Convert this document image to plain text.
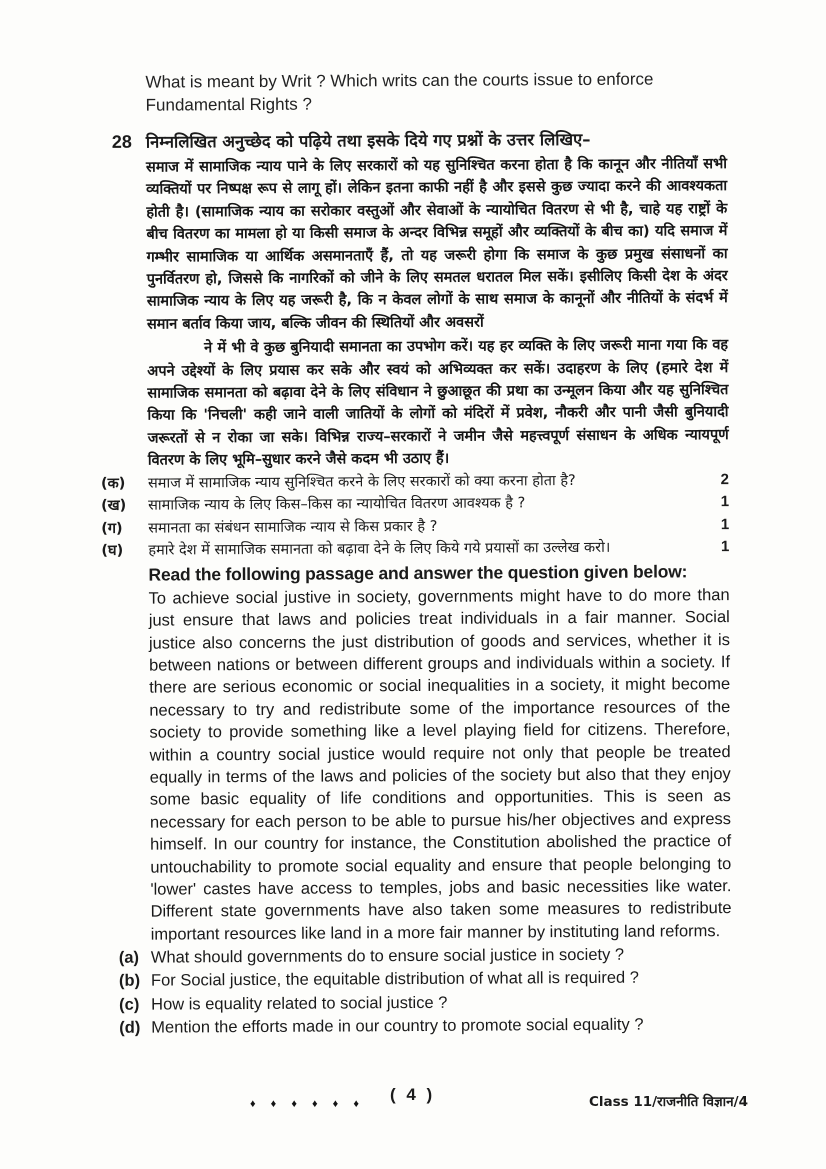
What is meant by Writ ? Which writs can the courts issue to enforce Fundamental Rights ?
28 निम्नलिखित अनुच्छेद को पढ़िये तथा इसके दिये गए प्रश्नों के उत्तर लिखिए–

समाज में सामाजिक न्याय पाने के लिए सरकारों को यह सुनिश्चित करना होता है कि कानून और नीतियाँ सभी व्यक्तियों पर निष्पक्ष रूप से लागू हों। लेकिन इतना काफी नहीं है और इससे कुछ ज्यादा करने की आवश्यकता होती है। (सामाजिक न्याय का सरोकार वस्तुओं और सेवाओं के न्यायोचित वितरण से भी है, चाहे यह राष्ट्रों के बीच वितरण का मामला हो या किसी समाज के अन्दर विभिन्न समूहों और व्यक्तियों के बीच का) यदि समाज में गम्भीर सामाजिक या आर्थिक असमानताएँ हैं, तो यह जरूरी होगा कि समाज के कुछ प्रमुख संसाधनों का पुनर्वितरण हो, जिससे कि नागरिकों को जीने के लिए समतल धरातल मिल सकें। इसीलिए किसी देश के अंदर सामाजिक न्याय के लिए यह जरूरी है, कि न केवल लोगों के साथ समाज के कानूनों और नीतियों के संदर्भ में समान बर्ताव किया जाय, बल्कि जीवन की स्थितियों और अवसरों

ने में भी वे कुछ बुनियादी समानता का उपभोग करें। यह हर व्यक्ति के लिए जरूरी माना गया कि वह अपने उद्देश्यों के लिए प्रयास कर सके और स्वयं को अभिव्यक्त कर सकें। उदाहरण के लिए (हमारे देश में सामाजिक समानता को बढ़ावा देने के लिए संविधान ने छुआछूत की प्रथा का उन्मूलन किया और यह सुनिश्चित किया कि 'निचली' कही जाने वाली जातियों के लोगों को मंदिरों में प्रवेश, नौकरी और पानी जैसी बुनियादी जरूरतों से न रोका जा सके। विभिन्न राज्य–सरकारों ने जमीन जैसे महत्त्वपूर्ण संसाधन के अधिक न्यायपूर्ण वितरण के लिए भूमि–सुधार करने जैसे कदम भी उठाए हैं।

(क)	समाज में सामाजिक न्याय सुनिश्चित करने के लिए सरकारों को क्या करना होता है?	2
(ख)	सामाजिक न्याय के लिए किस–किस का न्यायोचित वितरण आवश्यक है ?	1
(ग)	समानता का संबंधन सामाजिक न्याय से किस प्रकार है ?	1
(घ)	हमारे देश में सामाजिक समानता को बढ़ावा देने के लिए किये गये प्रयासों का उल्लेख करो।	1
Read the following passage and answer the question given below:

To achieve social justive in society, governments might have to do more than just ensure that laws and policies treat individuals in a fair manner. Social justice also concerns the just distribution of goods and services, whether it is between nations or between different groups and individuals within a society. If there are serious economic or social inequalities in a society, it might become necessary to try and redistribute some of the importance resources of the society to provide something like a level playing field for citizens. Therefore, within a country social justice would require not only that people be treated equally in terms of the laws and policies of the society but also that they enjoy some basic equality of life conditions and opportunities. This is seen as necessary for each person to be able to pursue his/her objectives and express himself. In our country for instance, the Constitution abolished the practice of untouchability to promote social equality and ensure that people belonging to 'lower' castes have access to temples, jobs and basic necessities like water. Different state governments have also taken some measures to redistribute important resources like land in a more fair manner by instituting land reforms.

(a) What should governments do to ensure social justice in society ?
(b) For Social justice, the equitable distribution of what all is required ?
(c) How is equality related to social justice ?
(d) Mention the efforts made in our country to promote social equality ?
♦ ♦ ♦ ♦ ♦ ♦ ( 4 )	Class 11/राजनीति विज्ञान/4
